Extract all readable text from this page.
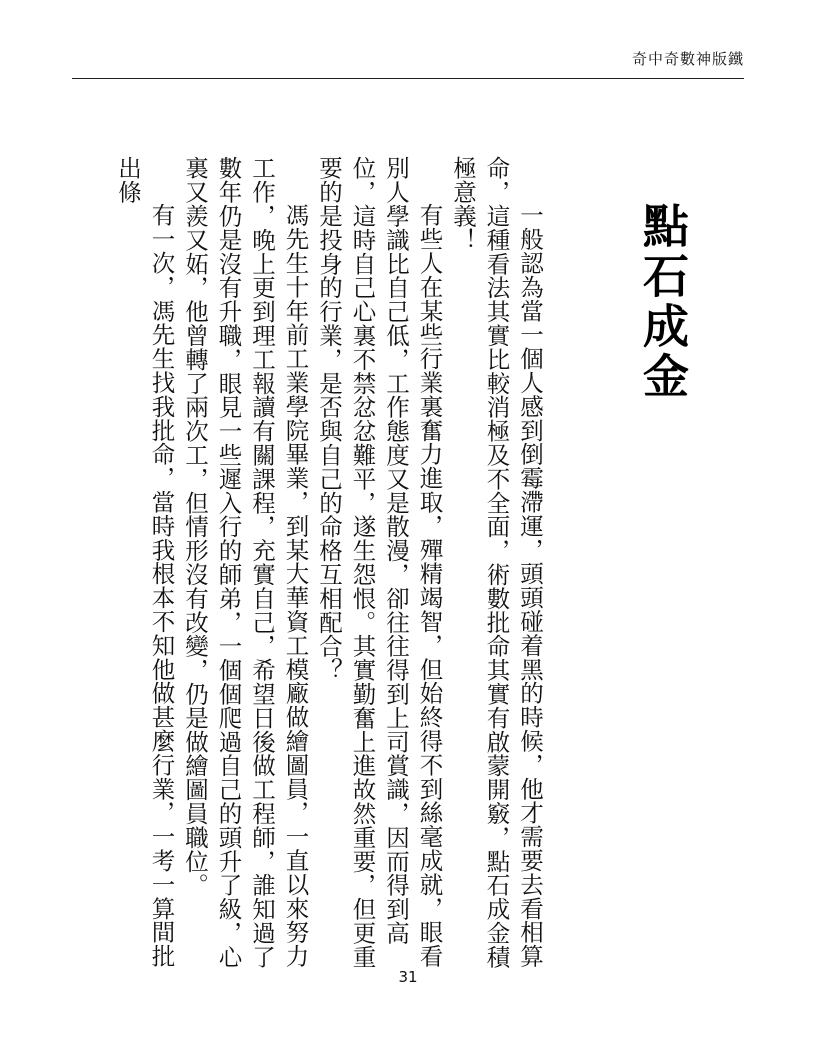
奇中奇數神版鐵
點石成金

一般認為當一個人感到倒霉滯運，頭頭碰着黑的時候，他才需要去看相算命，這種看法其實比較消極及不全面，術數批命其實有啟蒙開竅，點石成金積極意義！

有些人在某些行業裏奮力進取，殫精竭智，但始終得不到絲毫成就，眼看別人學識比自己低，工作態度又是散漫，卻往往得到上司賞識，因而得到高位，這時自己心裏不禁忿忿難平，遂生怨恨。其實勤奮上進故然重要，但更重要的是投身的行業，是否與自己的命格互相配合？

馮先生十年前工業學院畢業，到某大華資工模廠做繪圖員，一直以來努力工作，晚上更到理工報讀有關課程，充實自己，希望日後做工程師，誰知過了數年仍是沒有升職，眼見一些遲入行的師弟，一個個爬過自己的頭升了級，心裏又羨又妬，他曾轉了兩次工，但情形沒有改變，仍是做繪圖員職位。

有一次，馮先生找我批命，當時我根本不知他做甚麼行業，一考一算間批出條

31
